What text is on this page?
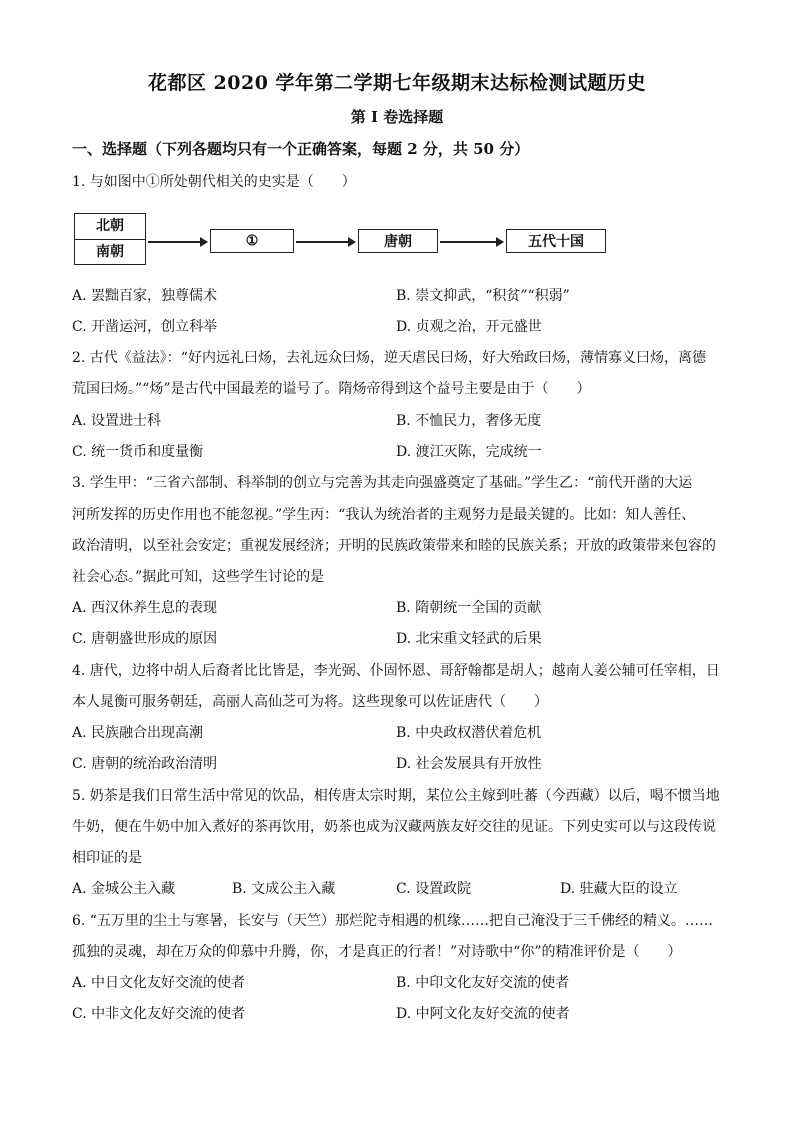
花都区 2020 学年第二学期七年级期末达标检测试题历史
第 I 卷选择题
一、选择题（下列各题均只有一个正确答案，每题 2 分，共 50 分）
1. 与如图中①所处朝代相关的史实是（　　）
北朝
南朝
①	唐朝	五代十国
A. 罢黜百家，独尊儒术	B. 崇文抑武，“积贫”“积弱”
C. 开凿运河，创立科举	D. 贞观之治，开元盛世
2. 古代《益法》：“好内远礼曰炀，去礼远众曰炀，逆天虐民曰炀，好大殆政曰炀，薄情寡义曰炀，离德
荒国曰炀。”“炀”是古代中国最差的谥号了。隋炀帝得到这个益号主要是由于（　　）
A. 设置进士科	B. 不恤民力，奢侈无度
C. 统一货币和度量衡	D. 渡江灭陈，完成统一
3. 学生甲：“三省六部制、科举制的创立与完善为其走向强盛奠定了基础。”学生乙：“前代开凿的大运
河所发挥的历史作用也不能忽视。”学生丙：“我认为统治者的主观努力是最关键的。比如：知人善任、
政治清明，以至社会安定；重视发展经济；开明的民族政策带来和睦的民族关系；开放的政策带来包容的
社会心态。”据此可知，这些学生讨论的是
A. 西汉休养生息的表现	B. 隋朝统一全国的贡献
C. 唐朝盛世形成的原因	D. 北宋重文轻武的后果
4. 唐代，边将中胡人后裔者比比皆是，李光弼、仆固怀恩、哥舒翰都是胡人；越南人姜公辅可任宰相，日
本人晁衡可服务朝廷，高丽人高仙芝可为将。这些现象可以佐证唐代（　　）
A. 民族融合出现高潮	B. 中央政权潜伏着危机
C. 唐朝的统治政治清明	D. 社会发展具有开放性
5. 奶茶是我们日常生活中常见的饮品，相传唐太宗时期，某位公主嫁到吐蕃（今西藏）以后，喝不惯当地
牛奶，便在牛奶中加入煮好的茶再饮用，奶茶也成为汉藏两族友好交往的见证。下列史实可以与这段传说
相印证的是
A. 金城公主入藏	B. 文成公主入藏	C. 设置政院	D. 驻藏大臣的设立
6. “五万里的尘土与寒暑，长安与（天竺）那烂陀寺相遇的机缘……把自己淹没于三千佛经的精义。……
孤独的灵魂，却在万众的仰慕中升腾，你，才是真正的行者！”对诗歌中“你”的精准评价是（　　）
A. 中日文化友好交流的使者	B. 中印文化友好交流的使者
C. 中非文化友好交流的使者	D. 中阿文化友好交流的使者
